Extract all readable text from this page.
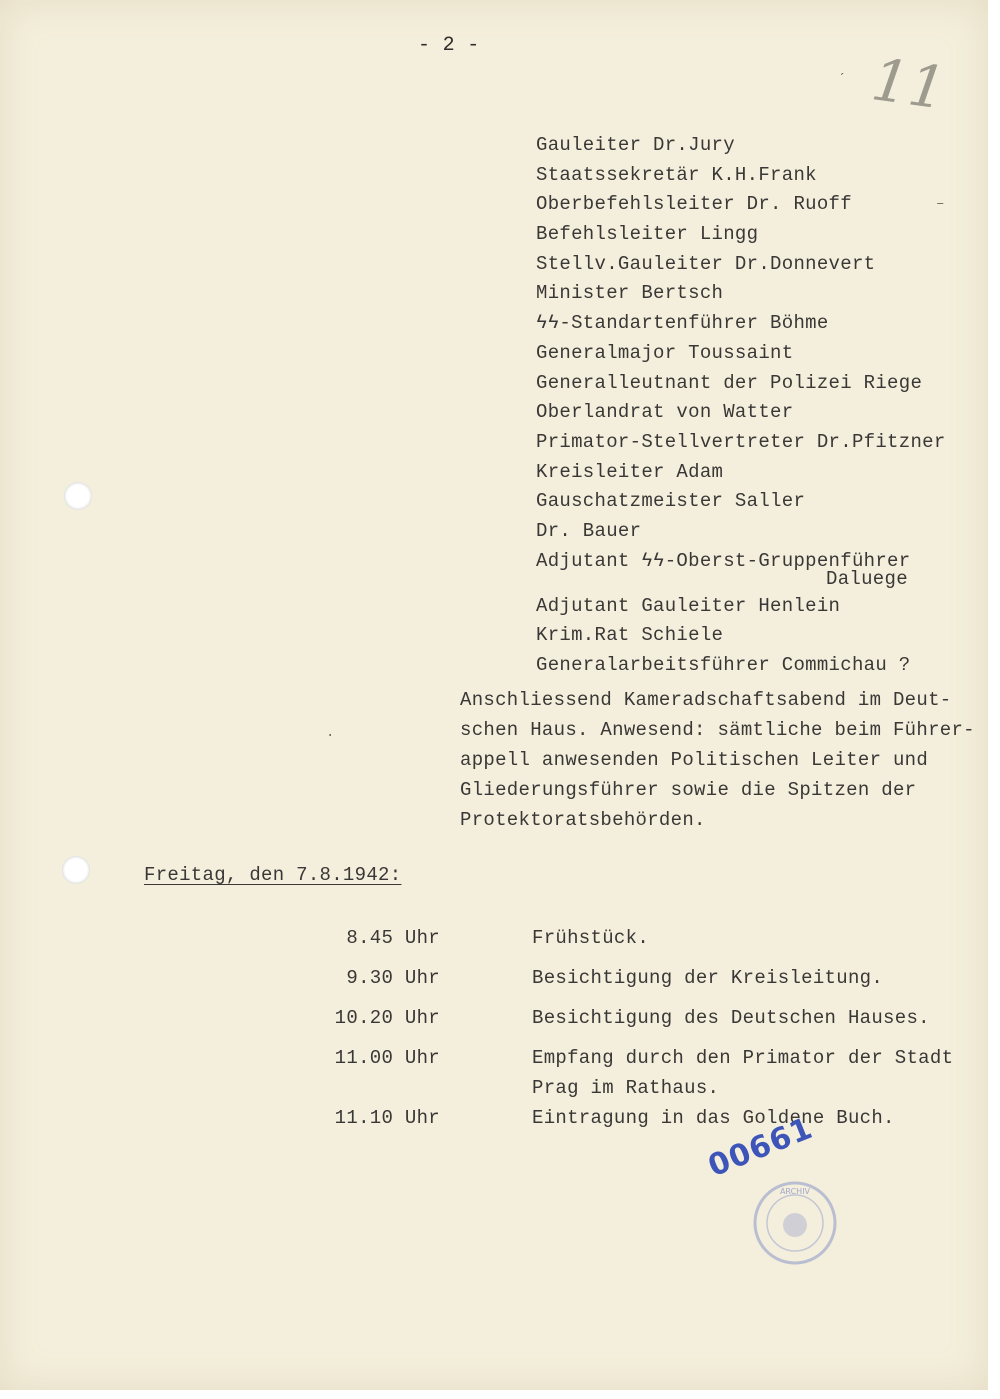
- 2 -	11
Gauleiter Dr.Jury
Staatssekretär K.H.Frank
Oberbefehlsleiter Dr. Ruoff
Befehlsleiter Lingg
Stellv.Gauleiter Dr.Donnevert
Minister Bertsch
ϟϟ-Standartenführer Böhme
Generalmajor Toussaint
Generalleutnant der Polizei Riege
Oberlandrat von Watter
Primator-Stellvertreter Dr.Pfitzner
Kreisleiter Adam
Gauschatzmeister Saller
Dr. Bauer
Adjutant ϟϟ-Oberst-Gruppenführer
Daluege
Adjutant Gauleiter Henlein
Krim.Rat Schiele
Generalarbeitsführer Commichau ?
Anschliessend Kameradschaftsabend im Deut-
schen Haus. Anwesend: sämtliche beim Führer-
appell anwesenden Politischen Leiter und
Gliederungsführer sowie die Spitzen der
Protektoratsbehörden.
Freitag, den 7.8.1942:
8.45 Uhr	Frühstück.
9.30 Uhr	Besichtigung der Kreisleitung.
10.20 Uhr	Besichtigung des Deutschen Hauses.
11.00 Uhr	Empfang durch den Primator der Stadt
Prag im Rathaus.
11.10 Uhr	Eintragung in das Goldene Buch.
00661
ARCHIV
ˊ
–
·
